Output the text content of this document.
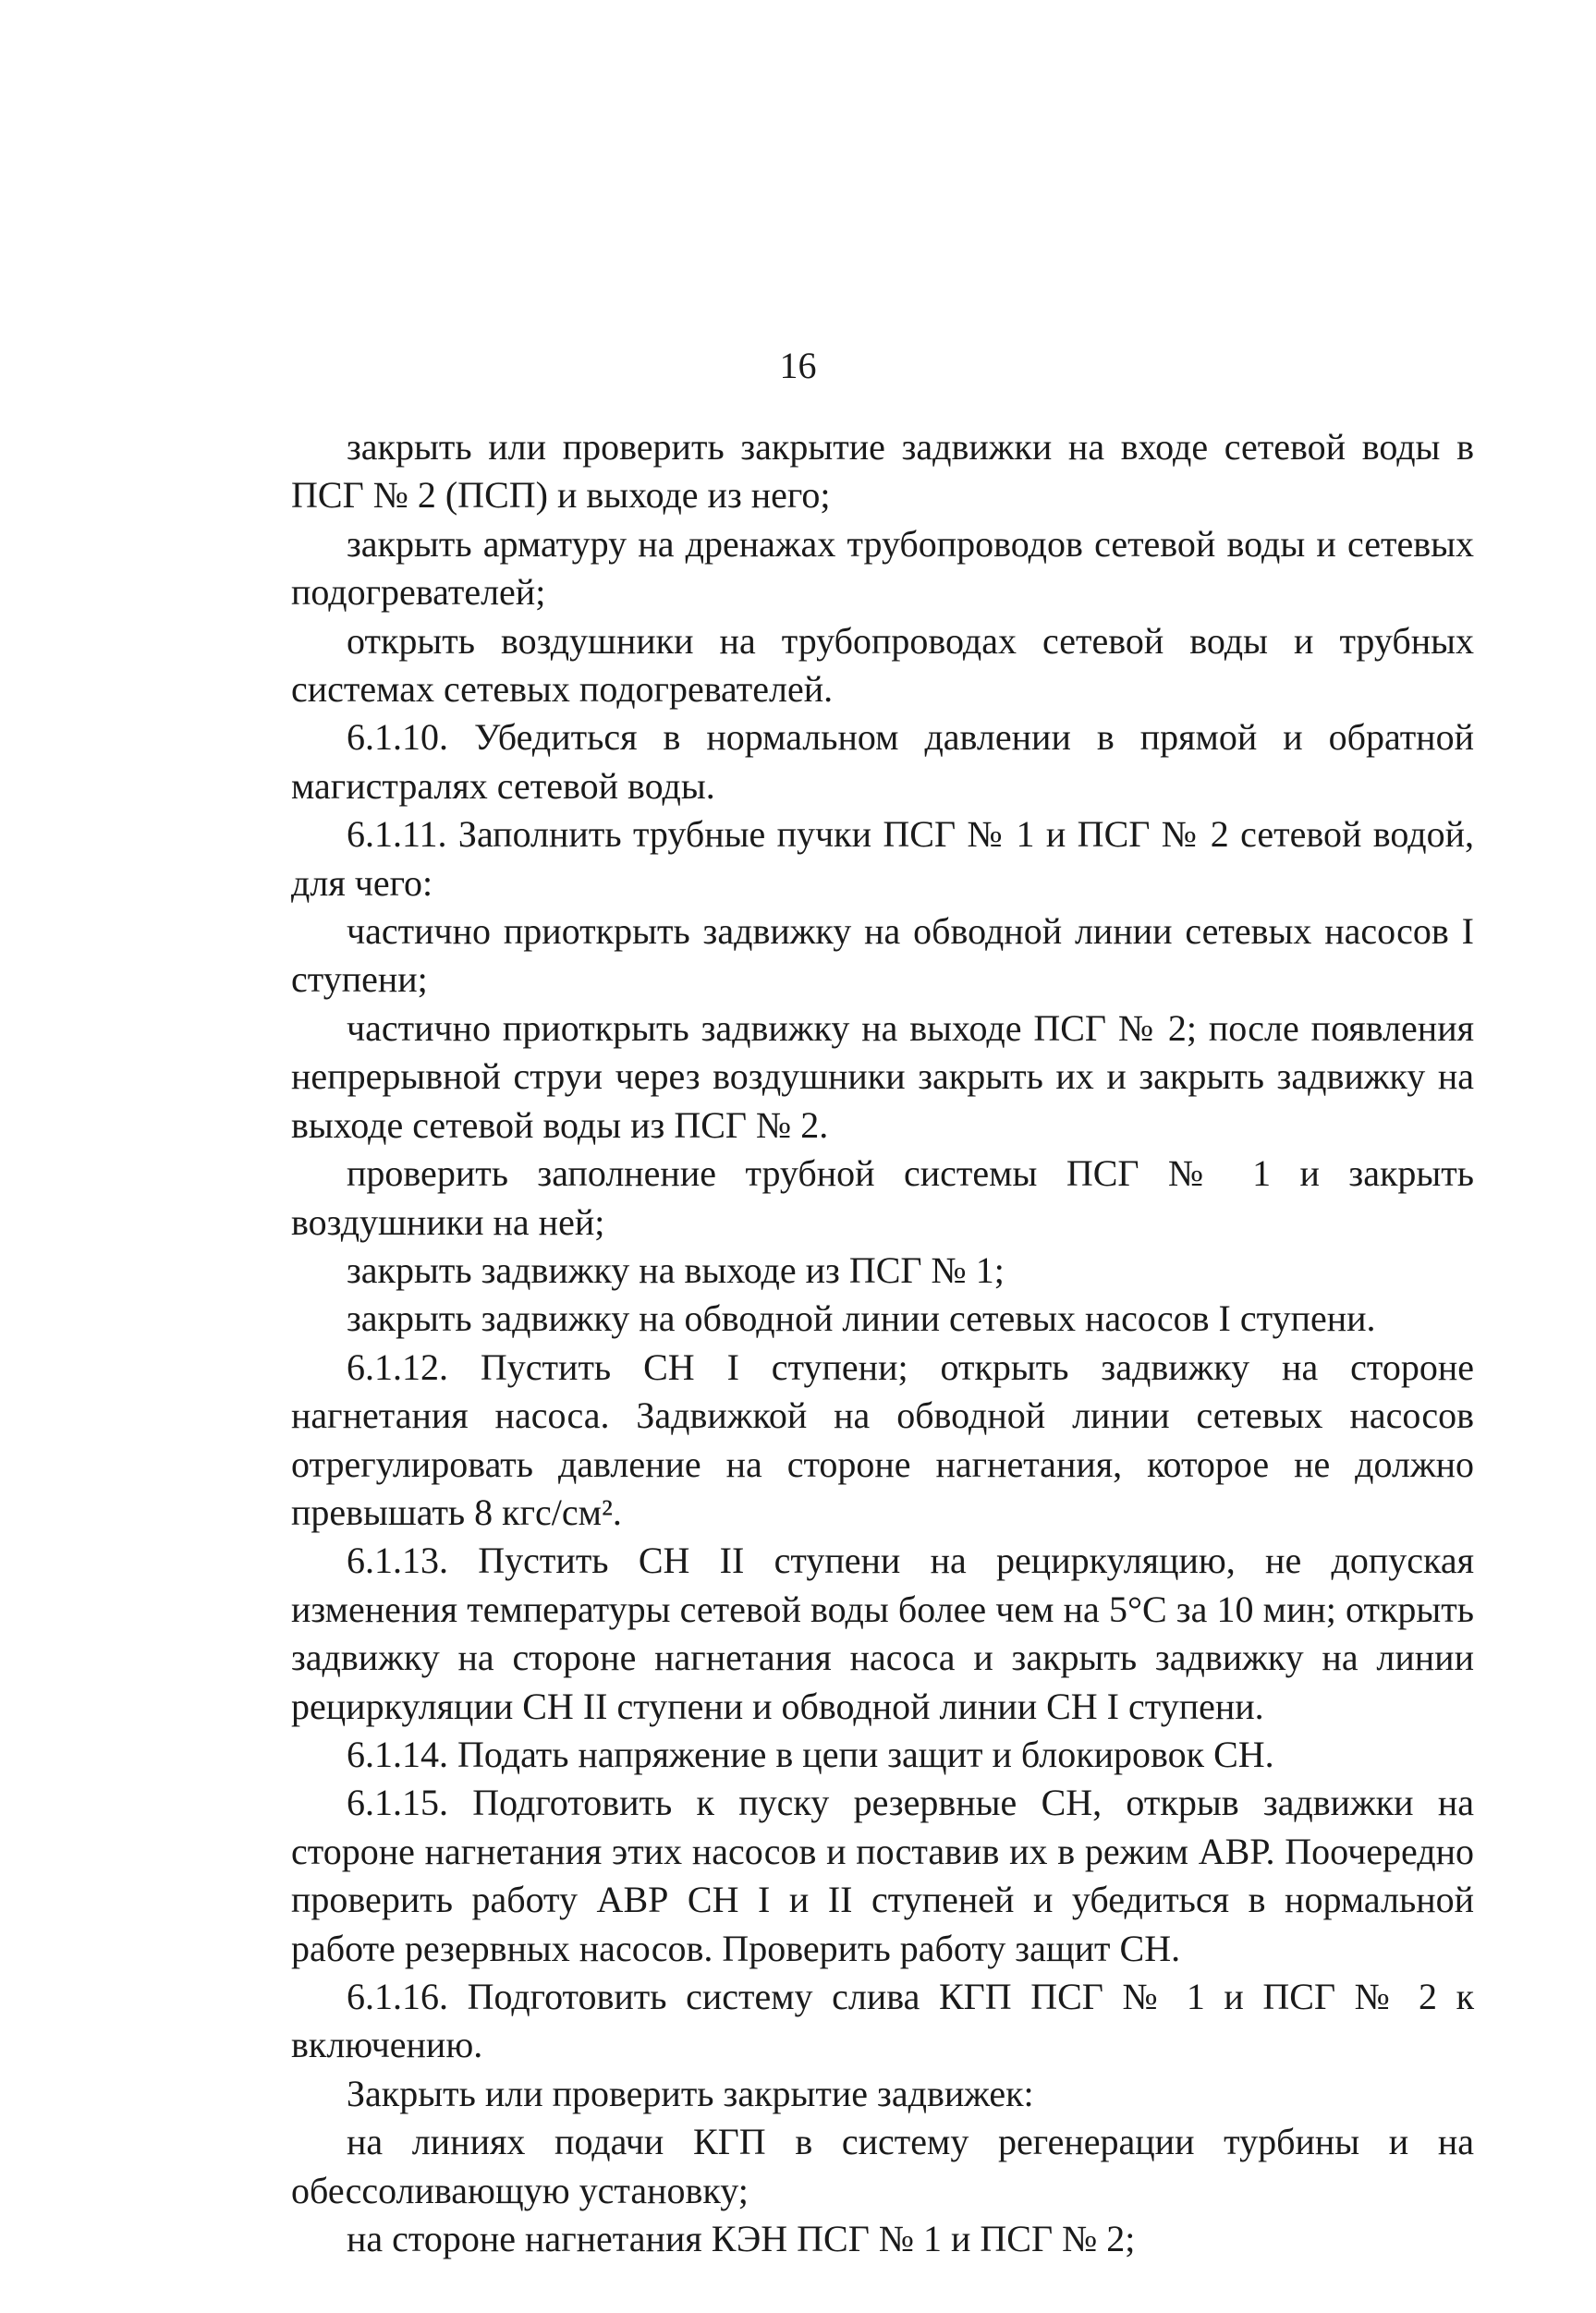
16

закрыть или проверить закрытие задвижки на входе сетевой воды в ПСГ № 2 (ПСП) и выходе из него;

закрыть арматуру на дренажах трубопроводов сетевой воды и сетевых подогревателей;

открыть воздушники на трубопроводах сетевой воды и трубных системах сетевых подогревателей.

6.1.10. Убедиться в нормальном давлении в прямой и обратной магистралях сетевой воды.

6.1.11. Заполнить трубные пучки ПСГ № 1 и ПСГ № 2 сетевой водой, для чего:

частично приоткрыть задвижку на обводной линии сетевых насосов I ступени;

частично приоткрыть задвижку на выходе ПСГ № 2; после появления непрерывной струи через воздушники закрыть их и закрыть задвижку на выходе сетевой воды из ПСГ № 2.

проверить заполнение трубной системы ПСГ № 1 и закрыть воздушники на ней;

закрыть задвижку на выходе из ПСГ № 1;

закрыть задвижку на обводной линии сетевых насосов I ступени.

6.1.12. Пустить СН I ступени; открыть задвижку на стороне нагнетания насоса. Задвижкой на обводной линии сетевых насосов отрегулировать давление на стороне нагнетания, которое не должно превышать 8 кгс/см².

6.1.13. Пустить СН II ступени на рециркуляцию, не допуская изменения температуры сетевой воды более чем на 5°С за 10 мин; открыть задвижку на стороне нагнетания насоса и закрыть задвижку на линии рециркуляции СН II ступени и обводной линии СН I ступени.

6.1.14. Подать напряжение в цепи защит и блокировок СН.

6.1.15. Подготовить к пуску резервные СН, открыв задвижки на стороне нагнетания этих насосов и поставив их в режим АВР. Поочередно проверить работу АВР СН I и II ступеней и убедиться в нормальной работе резервных насосов. Проверить работу защит СН.

6.1.16. Подготовить систему слива КГП ПСГ № 1 и ПСГ № 2 к включению.

Закрыть или проверить закрытие задвижек:

на линиях подачи КГП в систему регенерации турбины и на обессоливающую установку;

на стороне нагнетания КЭН ПСГ № 1 и ПСГ № 2;
